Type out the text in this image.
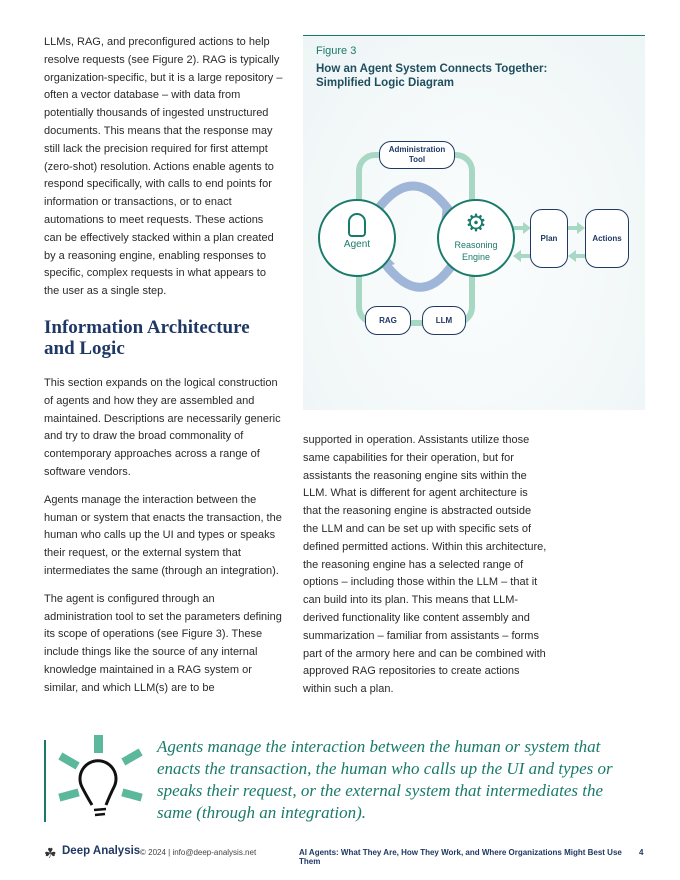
LLMs, RAG, and preconfigured actions to help resolve requests (see Figure 2). RAG is typically organization-specific, but it is a large repository – often a vector database – with data from potentially thousands of ingested unstructured documents. This means that the response may still lack the precision required for first attempt (zero-shot) resolution. Actions enable agents to respond specifically, with calls to end points for information or transactions, or to enact automations to meet requests. These actions can be effectively stacked within a plan created by a reasoning engine, enabling responses to specific, complex requests in what appears to the user as a single step.

Information Architecture and Logic

This section expands on the logical construction of agents and how they are assembled and maintained. Descriptions are necessarily generic and try to draw the broad commonality of contemporary approaches across a range of software vendors.

Agents manage the interaction between the human or system that enacts the transaction, the human who calls up the UI and types or speaks their request, or the external system that intermediates the same (through an integration).

The agent is configured through an administration tool to set the parameters defining its scope of operations (see Figure 3). These include things like the source of any internal knowledge maintained in a RAG system or similar, and which LLM(s) are to be

Figure 3
How an Agent System Connects Together:
Simplified Logic Diagram
Administration
Tool
Agent
⚙
Reasoning
Engine
Plan	Actions
RAG	LLM

supported in operation. Assistants utilize those same capabilities for their operation, but for assistants the reasoning engine sits within the LLM. What is different for agent architecture is that the reasoning engine is abstracted outside the LLM and can be set up with specific sets of defined permitted actions. Within this architecture, the reasoning engine has a selected range of options – including those within the LLM – that it can build into its plan. This means that LLM-derived functionality like content assembly and summarization – familiar from assistants – forms part of the armory here and can be combined with approved RAG repositories to create actions within such a plan.

Agents manage the interaction between the human or system that enacts the transaction, the human who calls up the UI and types or speaks their request, or the external system that intermediates the same (through an integration).
☘ Deep Analysis © 2024 | info@deep-analysis.net	AI Agents: What They Are, How They Work, and Where Organizations Might Best Use Them
4
